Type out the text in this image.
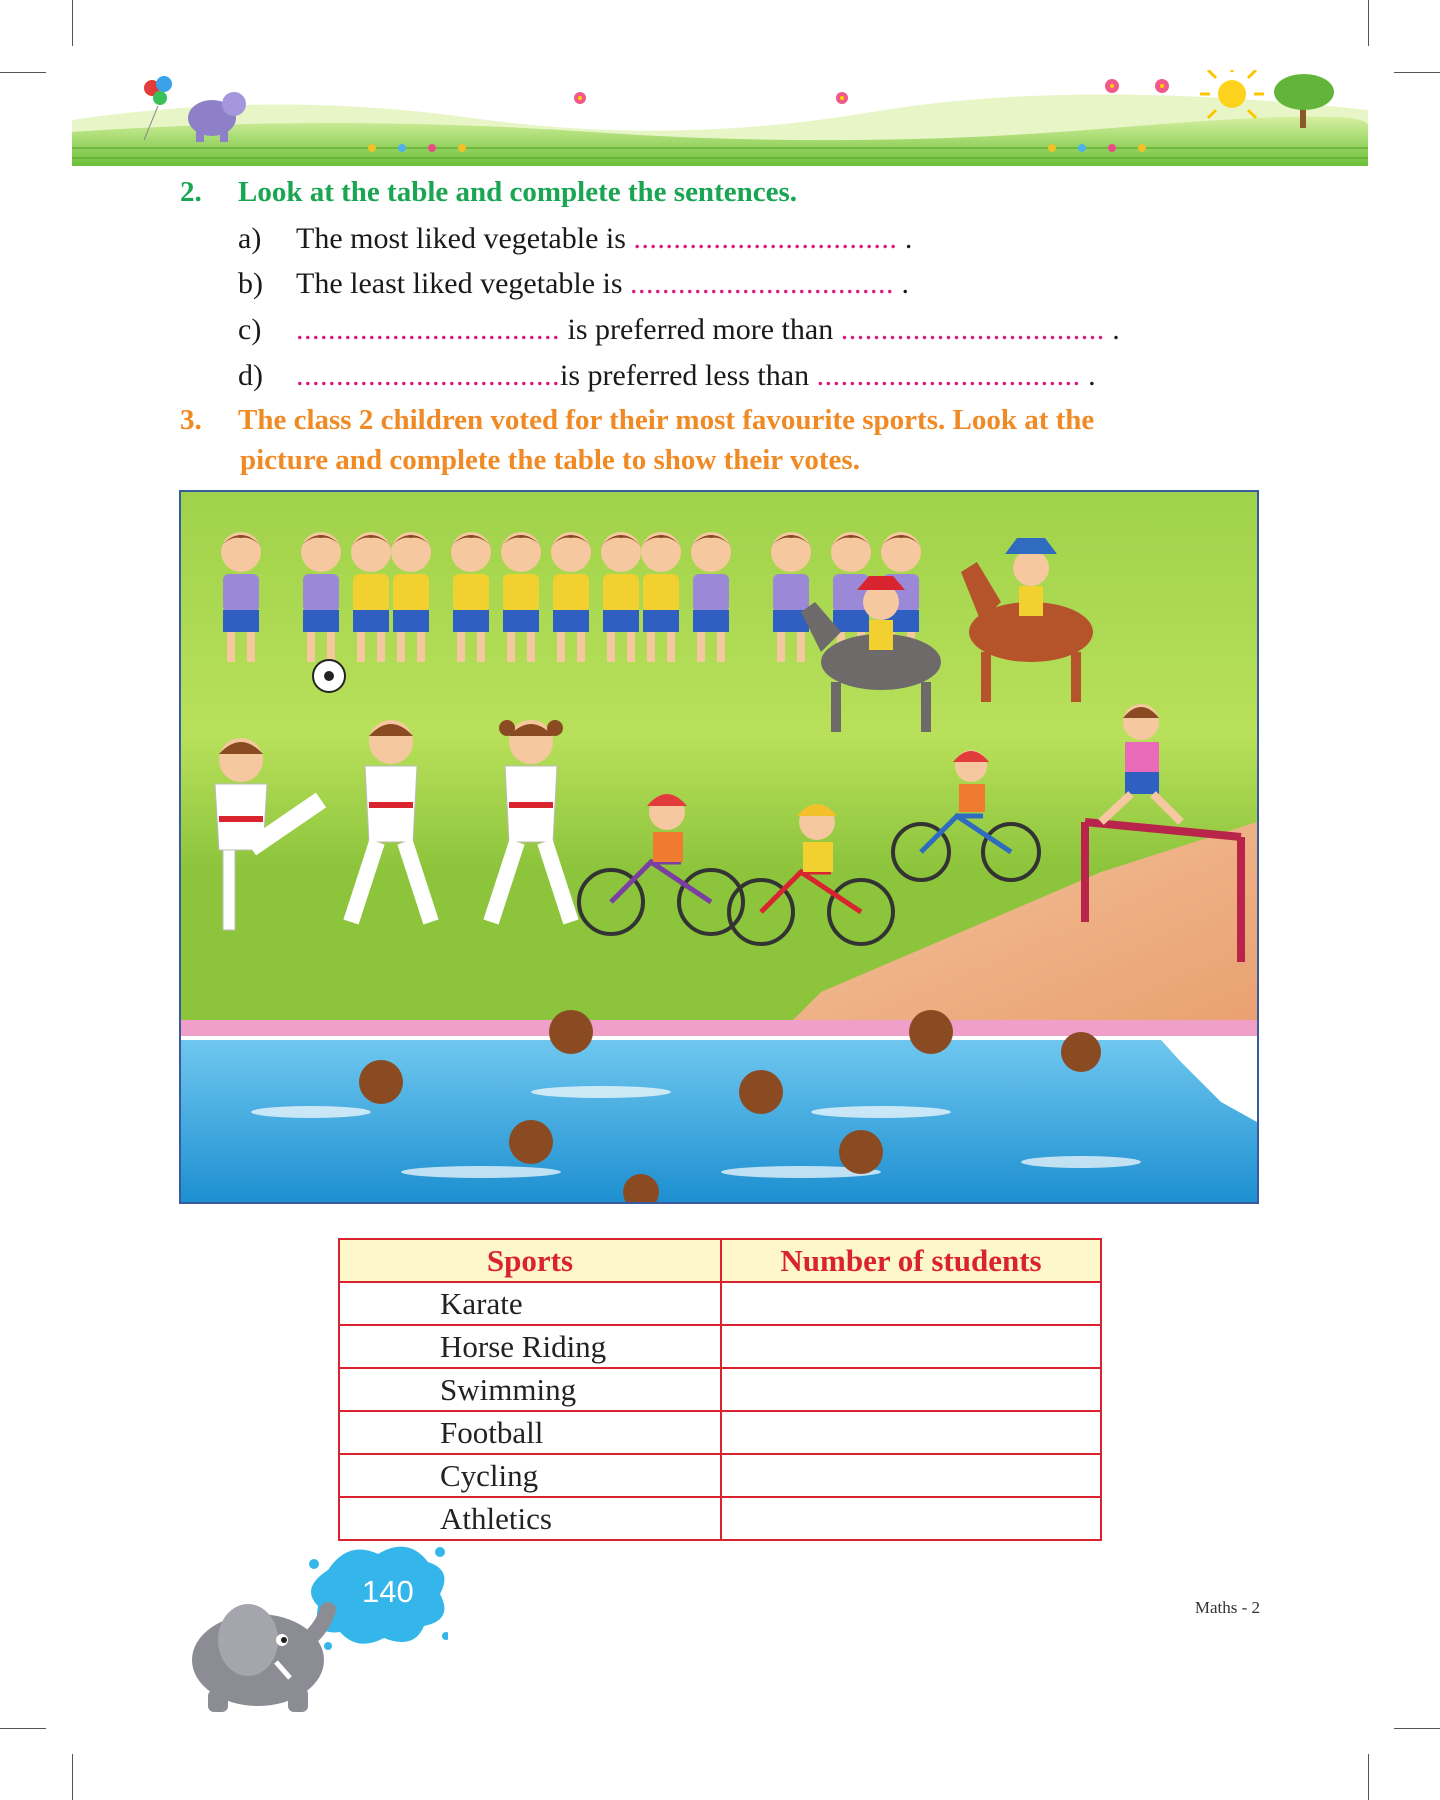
2. Look at the table and complete the sentences.
a) The most liked vegetable is ................................. .
b) The least liked vegetable is ................................. .
c) ................................. is preferred more than ................................. .
d) .................................is preferred less than ................................. .
3. The class 2 children voted for their most favourite sports. Look at the
picture and complete the table to show their votes.
Sports	Number of students
Karate	
Horse Riding	
Swimming	
Football	
Cycling	
Athletics	
140	Maths - 2
